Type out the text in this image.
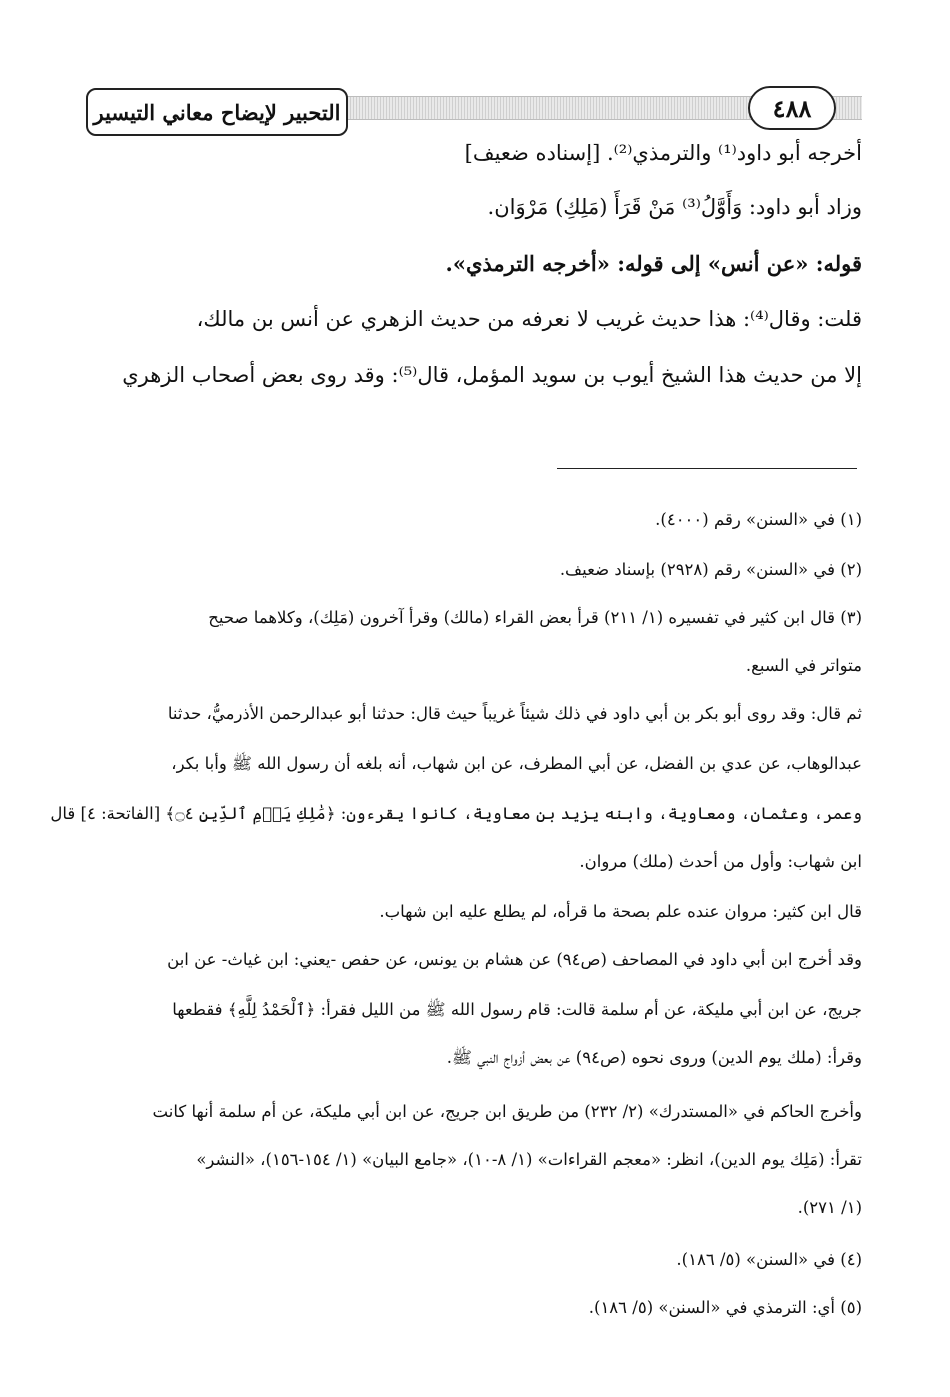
التحبير لإيضاح معاني التيسير	٤٨٨

أخرجه أبو داود⁽¹⁾ والترمذي⁽²⁾. [إسناده ضعيف]

وزاد أبو داود: وَأَوَّلُ⁽³⁾ مَنْ قَرَأَ (مَلِكِ) مَرْوَان.

قوله: «عن أنس» إلى قوله: «أخرجه الترمذي».

قلت: وقال⁽⁴⁾: هذا حديث غريب لا نعرفه من حديث الزهري عن أنس بن مالك،

إلا من حديث هذا الشيخ أيوب بن سويد المؤمل، قال⁽⁵⁾: وقد روى بعض أصحاب الزهري

(١) في «السنن» رقم (٤٠٠٠).
(٢) في «السنن» رقم (٢٩٢٨) بإسناد ضعيف.
(٣) قال ابن كثير في تفسيره (١/ ٢١١) قرأ بعض القراء (مالك) وقرأ آخرون (مَلِك)، وكلاهما صحيح
متواتر في السبع.
ثم قال: وقد روى أبو بكر بن أبي داود في ذلك شيئاً غريباً حيث قال: حدثنا أبو عبدالرحمن الأذرميُّ، حدثنا
عبدالوهاب، عن عدي بن الفضل، عن أبي المطرف، عن ابن شهاب، أنه بلغه أن رسول الله ﷺ وأبا بكر،
وعمر، وعثمان، ومعاوية، وابنه يزيد بن معاوية، كانوا يقرءون: ﴿مَٰلِكِ يَوۡمِ ٱلدِّينِ ۝٤﴾ [الفاتحة: ٤] قال
ابن شهاب: وأول من أحدث (ملك) مروان.
قال ابن كثير: مروان عنده علم بصحة ما قرأه، لم يطلع عليه ابن شهاب.
وقد أخرج ابن أبي داود في المصاحف (ص٩٤) عن هشام بن يونس، عن حفص -يعني: ابن غياث- عن ابن
جريج، عن ابن أبي مليكة، عن أم سلمة قالت: قام رسول الله ﷺ من الليل فقرأ: ﴿ٱلْحَمْدُ لِلَّهِ﴾ فقطعها
وقرأ: (ملك يوم الدين) وروى نحوه (ص٩٤) عن بعض أزواج النبي ﷺ.
وأخرج الحاكم في «المستدرك» (٢/ ٢٣٢) من طريق ابن جريج، عن ابن أبي مليكة، عن أم سلمة أنها كانت
تقرأ: (مَلِك يوم الدين)، انظر: «معجم القراءات» (١/ ٨-١٠)، «جامع البيان» (١/ ١٥٤-١٥٦)، «النشر»
(١/ ٢٧١).
(٤) في «السنن» (٥/ ١٨٦).
(٥) أي: الترمذي في «السنن» (٥/ ١٨٦).
